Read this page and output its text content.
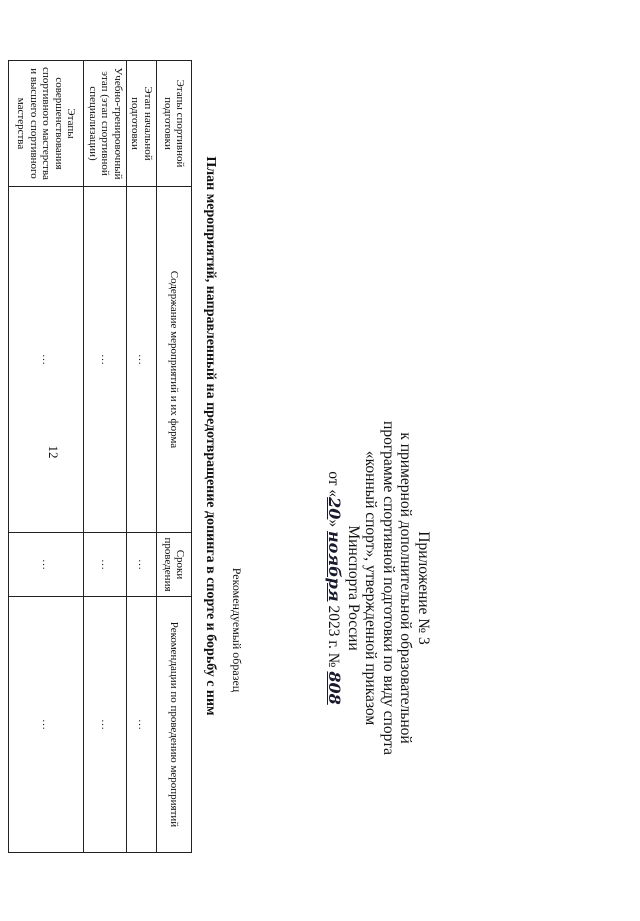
12
Приложение № 3
к примерной дополнительной образовательной
программе спортивной подготовки по виду спорта
«конный спорт», утвержденной приказом
Минспорта России
от «20» ноября 2023 г. № 808
Рекомендуемый образец
План мероприятий, направленный на предотвращение допинга в спорте и борьбу с ним
Этапы спортивной подготовки	Содержание мероприятий и их форма	Сроки проведения	Рекомендации по проведению мероприятий
Этап начальной подготовки	…	…	…
Учебно-тренировочный этап (этап спортивной специализации)	…	…	…
Этапы совершенствования спортивного мастерства и высшего спортивного мастерства	…	…	…
